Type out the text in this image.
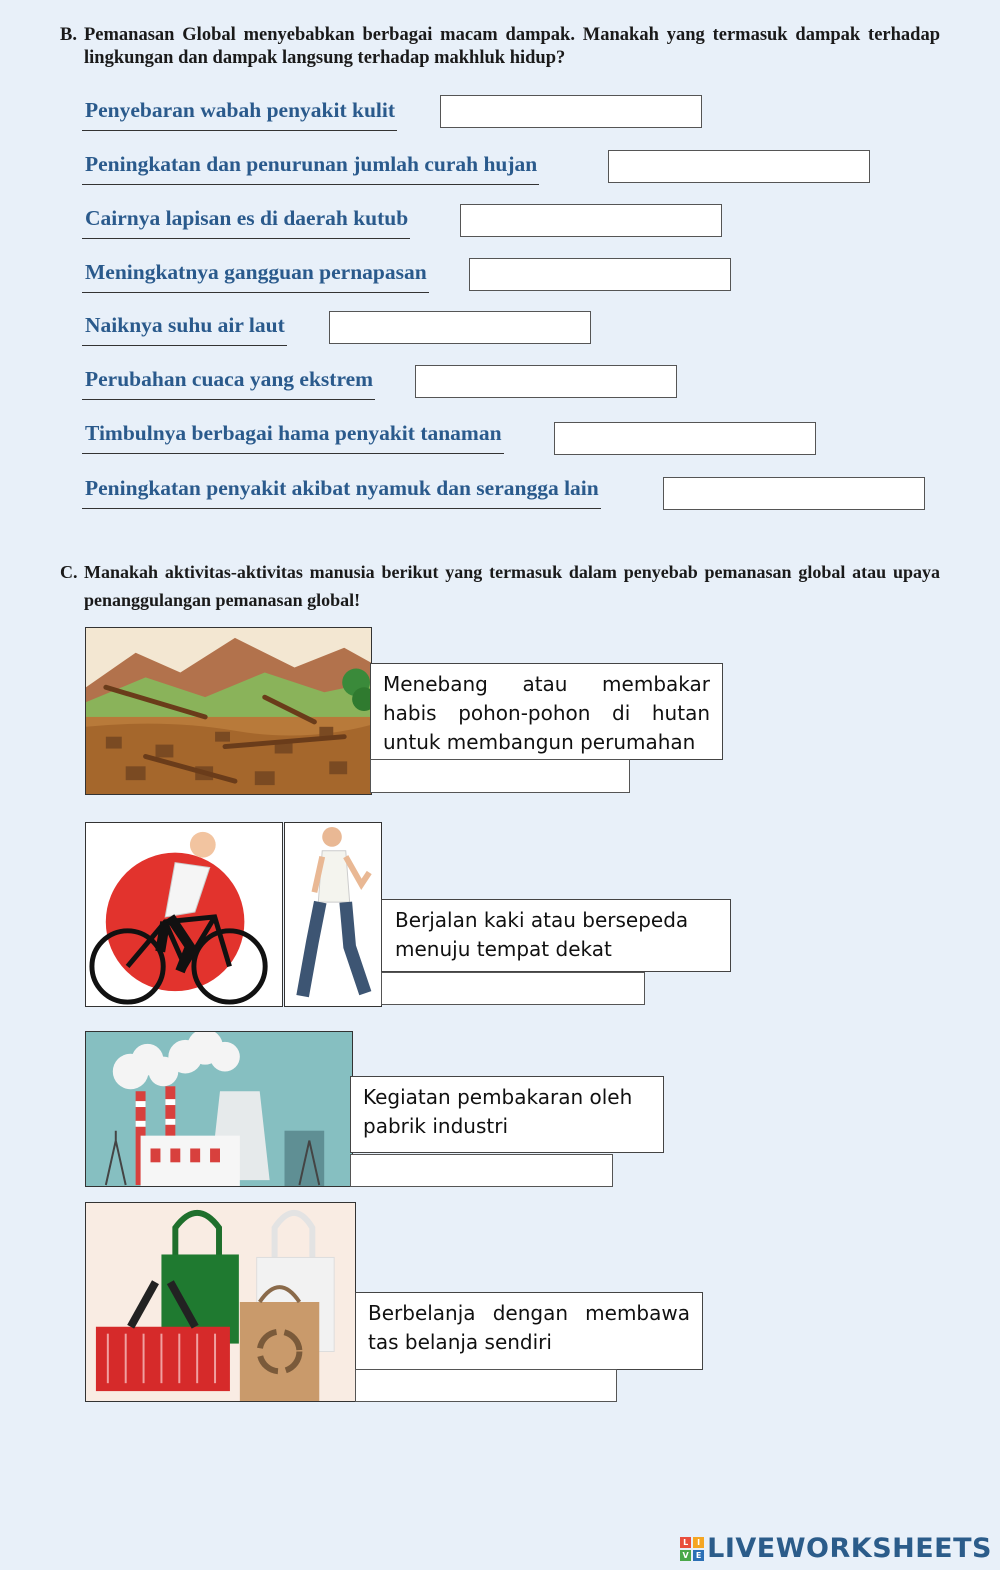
B. Pemanasan Global menyebabkan berbagai macam dampak. Manakah yang termasuk dampak terhadap lingkungan dan dampak langsung terhadap makhluk hidup?
Penyebaran wabah penyakit kulit
Peningkatan dan penurunan jumlah curah hujan
Cairnya lapisan es di daerah kutub
Meningkatnya gangguan pernapasan
Naiknya suhu air laut
Perubahan cuaca yang ekstrem
Timbulnya berbagai hama penyakit tanaman
Peningkatan penyakit akibat nyamuk dan serangga lain
C. Manakah aktivitas-aktivitas manusia berikut yang termasuk dalam penyebab pemanasan global atau upaya penanggulangan pemanasan global!
Menebang atau membakar habis pohon-pohon di hutan untuk membangun perumahan
Berjalan kaki atau bersepeda menuju tempat dekat
Kegiatan pembakaran oleh pabrik industri
Berbelanja dengan membawa tas belanja sendiri
L	I
V E LIVEWORKSHEETS
